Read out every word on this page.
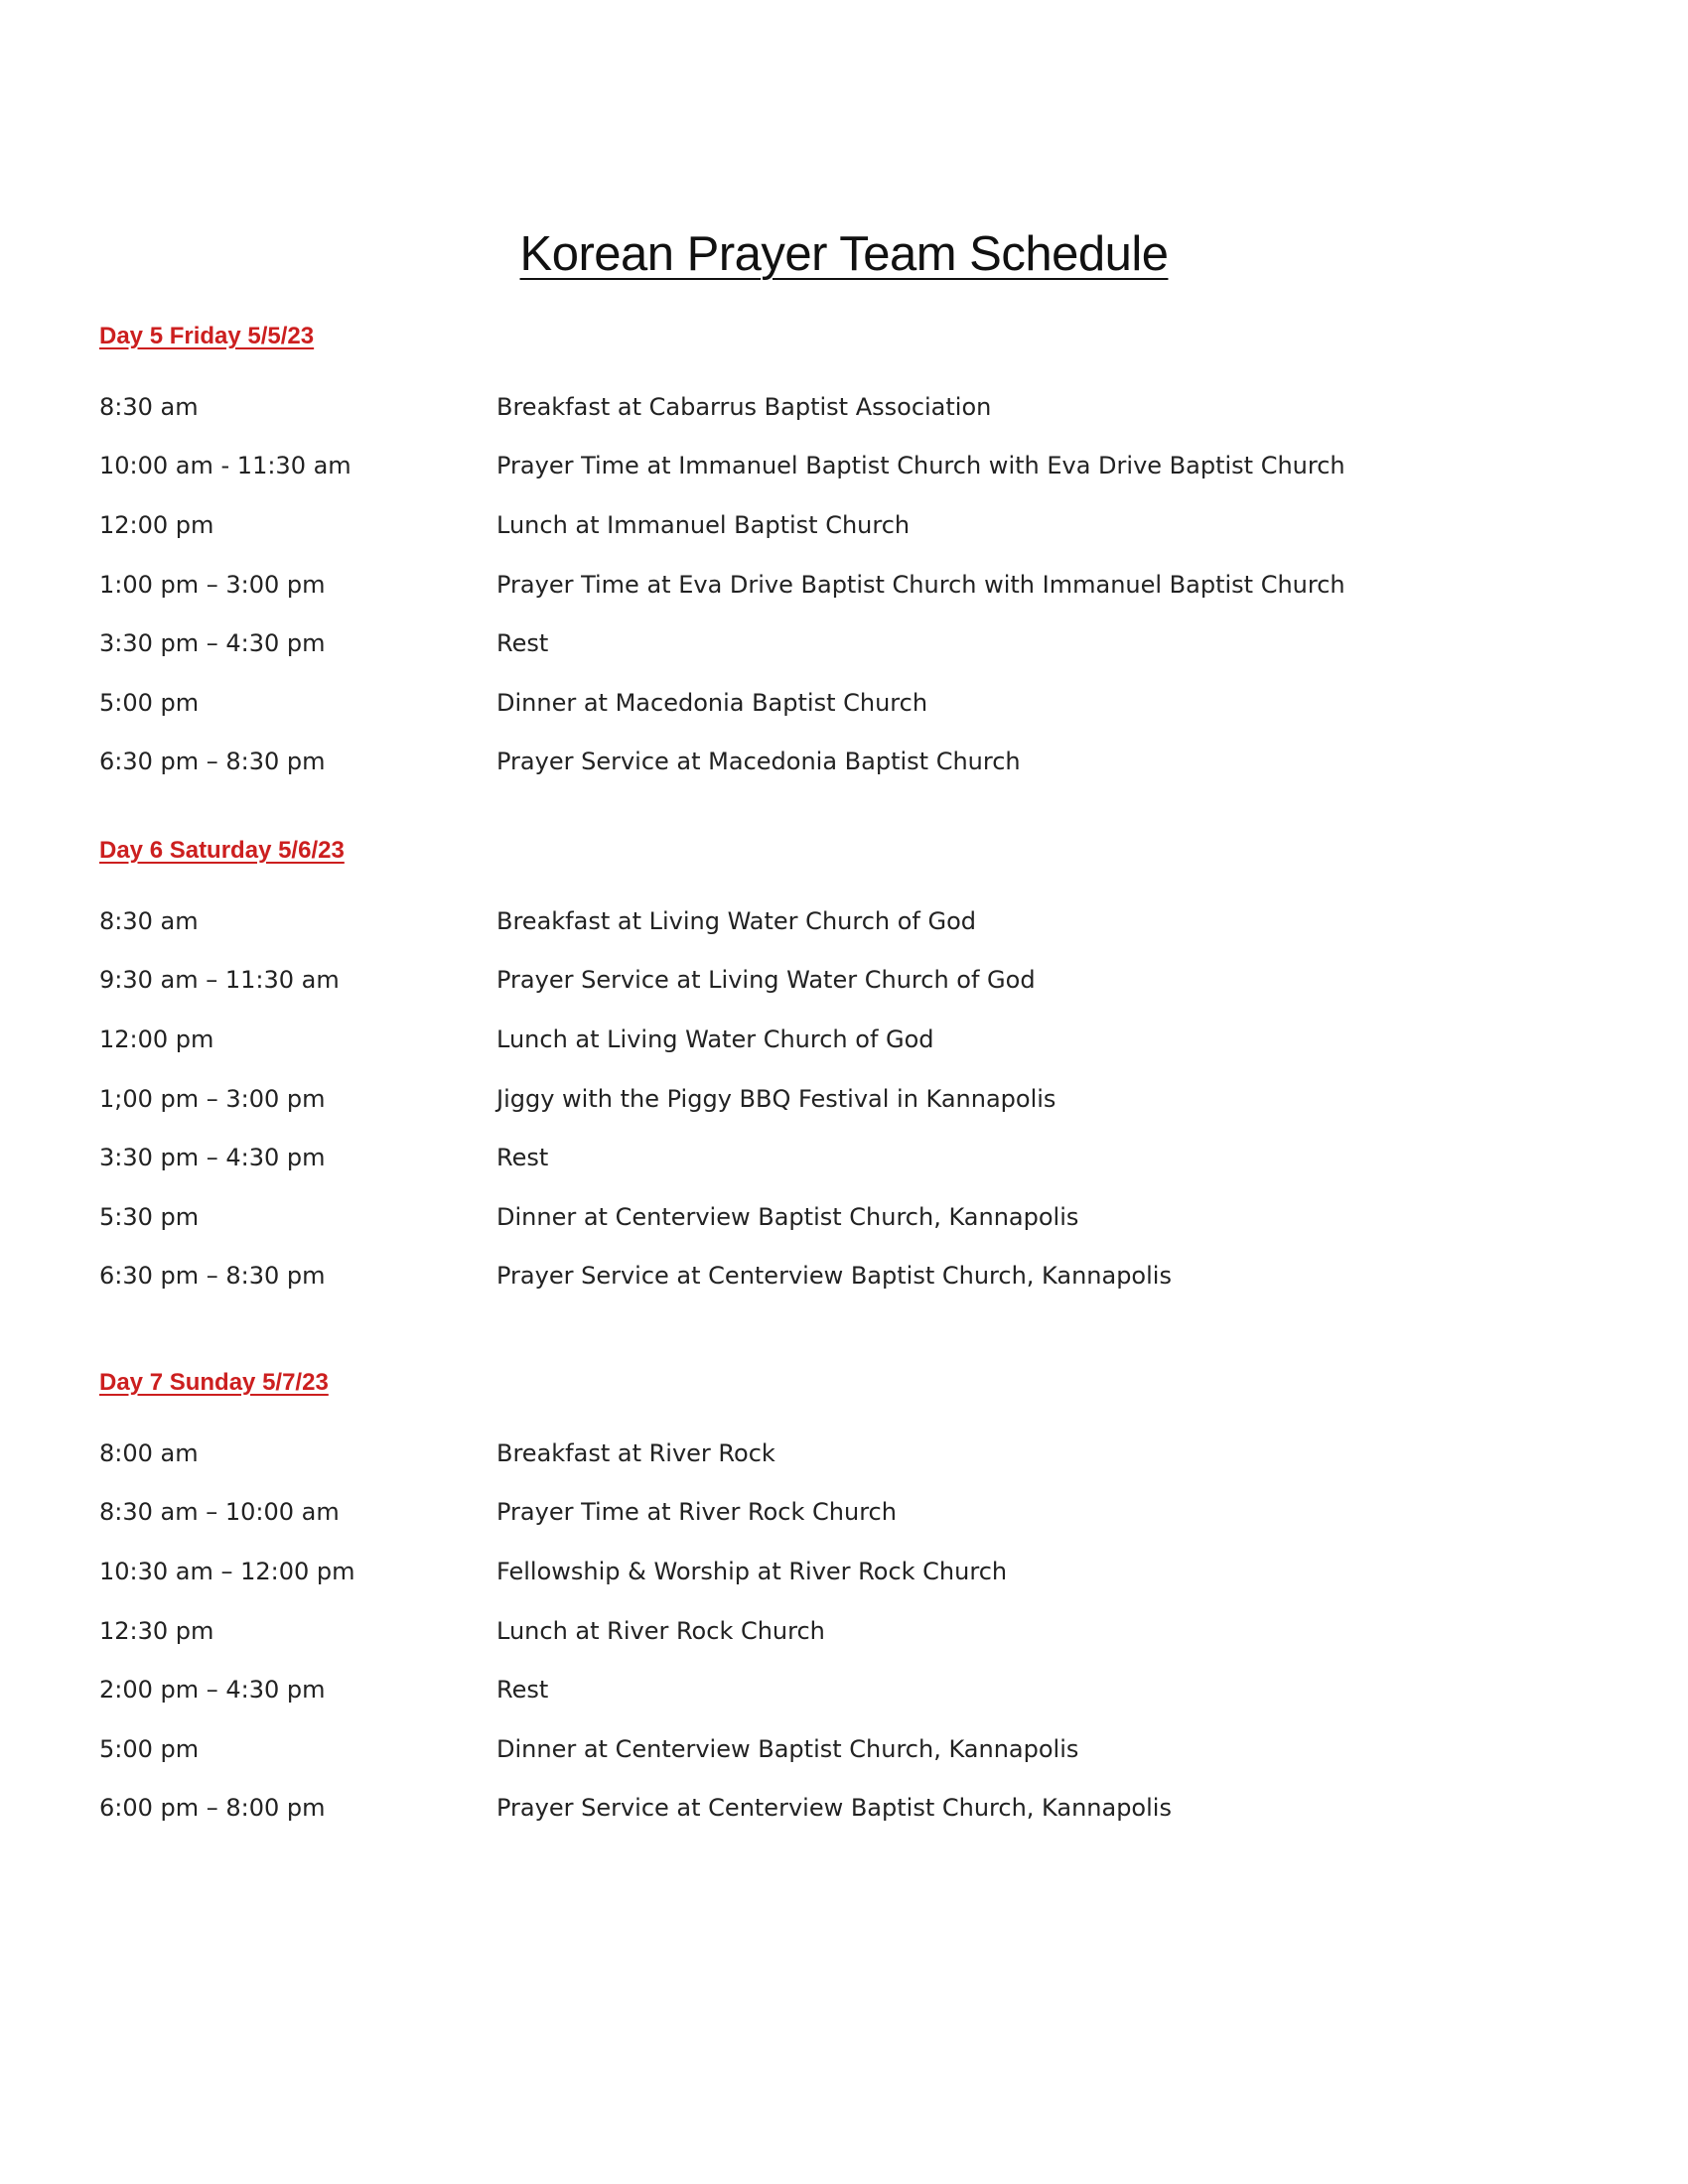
Korean Prayer Team Schedule
Day 5 Friday 5/5/23
8:30 am	Breakfast at Cabarrus Baptist Association
10:00 am - 11:30 am	Prayer Time at Immanuel Baptist Church with Eva Drive Baptist Church
12:00 pm	Lunch at Immanuel Baptist Church
1:00 pm – 3:00 pm	Prayer Time at Eva Drive Baptist Church with Immanuel Baptist Church
3:30 pm – 4:30 pm	Rest
5:00 pm	Dinner at Macedonia Baptist Church
6:30 pm – 8:30 pm	Prayer Service at Macedonia Baptist Church
Day 6 Saturday 5/6/23
8:30 am	Breakfast at Living Water Church of God
9:30 am – 11:30 am	Prayer Service at Living Water Church of God
12:00 pm	Lunch at Living Water Church of God
1;00 pm – 3:00 pm	Jiggy with the Piggy BBQ Festival in Kannapolis
3:30 pm – 4:30 pm	Rest
5:30 pm	Dinner at Centerview Baptist Church, Kannapolis
6:30 pm – 8:30 pm	Prayer Service at Centerview Baptist Church, Kannapolis
Day 7 Sunday 5/7/23
8:00 am	Breakfast at River Rock
8:30 am – 10:00 am	Prayer Time at River Rock Church
10:30 am – 12:00 pm	Fellowship & Worship at River Rock Church
12:30 pm	Lunch at River Rock Church
2:00 pm – 4:30 pm	Rest
5:00 pm	Dinner at Centerview Baptist Church, Kannapolis
6:00 pm – 8:00 pm	Prayer Service at Centerview Baptist Church, Kannapolis
